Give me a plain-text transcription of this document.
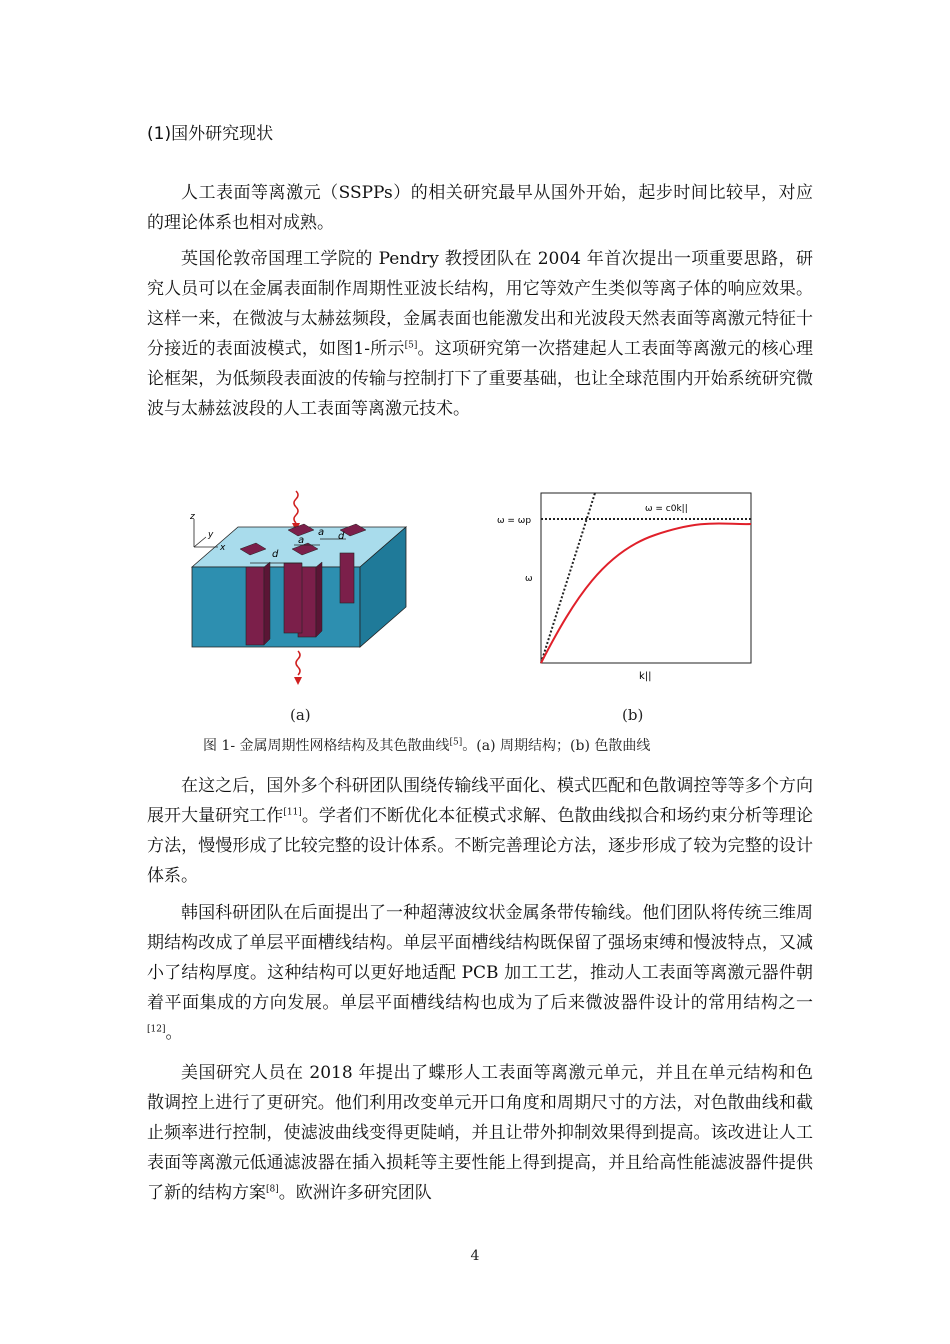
(1)国外研究现状

人工表面等离激元（SSPPs）的相关研究最早从国外开始，起步时间比较早，对应的理论体系也相对成熟。

英国伦敦帝国理工学院的 Pendry 教授团队在 2004 年首次提出一项重要思路，研究人员可以在金属表面制作周期性亚波长结构，用它等效产生类似等离子体的响应效果。这样一来，在微波与太赫兹频段，金属表面也能激发出和光波段天然表面等离激元特征十分接近的表面波模式，如图1-所示[5]。这项研究第一次搭建起人工表面等离激元的核心理论框架，为低频段表面波的传输与控制打下了重要基础，也让全球范围内开始系统研究微波与太赫兹波段的人工表面等离激元技术。

d
a
a d
z
y
x
ω = ωp
ω = c0k||
ω
k||
(a)	(b)
图 1- 金属周期性网格结构及其色散曲线[5]。(a) 周期结构；(b) 色散曲线

在这之后，国外多个科研团队围绕传输线平面化、模式匹配和色散调控等等多个方向展开大量研究工作[11]。学者们不断优化本征模式求解、色散曲线拟合和场约束分析等理论方法，慢慢形成了比较完整的设计体系。不断完善理论方法，逐步形成了较为完整的设计体系。

韩国科研团队在后面提出了一种超薄波纹状金属条带传输线。他们团队将传统三维周期结构改成了单层平面槽线结构。单层平面槽线结构既保留了强场束缚和慢波特点，又减小了结构厚度。这种结构可以更好地适配 PCB 加工工艺，推动人工表面等离激元器件朝着平面集成的方向发展。单层平面槽线结构也成为了后来微波器件设计的常用结构之一[12]。

美国研究人员在 2018 年提出了蝶形人工表面等离激元单元，并且在单元结构和色散调控上进行了更研究。他们利用改变单元开口角度和周期尺寸的方法，对色散曲线和截止频率进行控制，使滤波曲线变得更陡峭，并且让带外抑制效果得到提高。该改进让人工表面等离激元低通滤波器在插入损耗等主要性能上得到提高，并且给高性能滤波器件提供了新的结构方案[8]。欧洲许多研究团队

4
